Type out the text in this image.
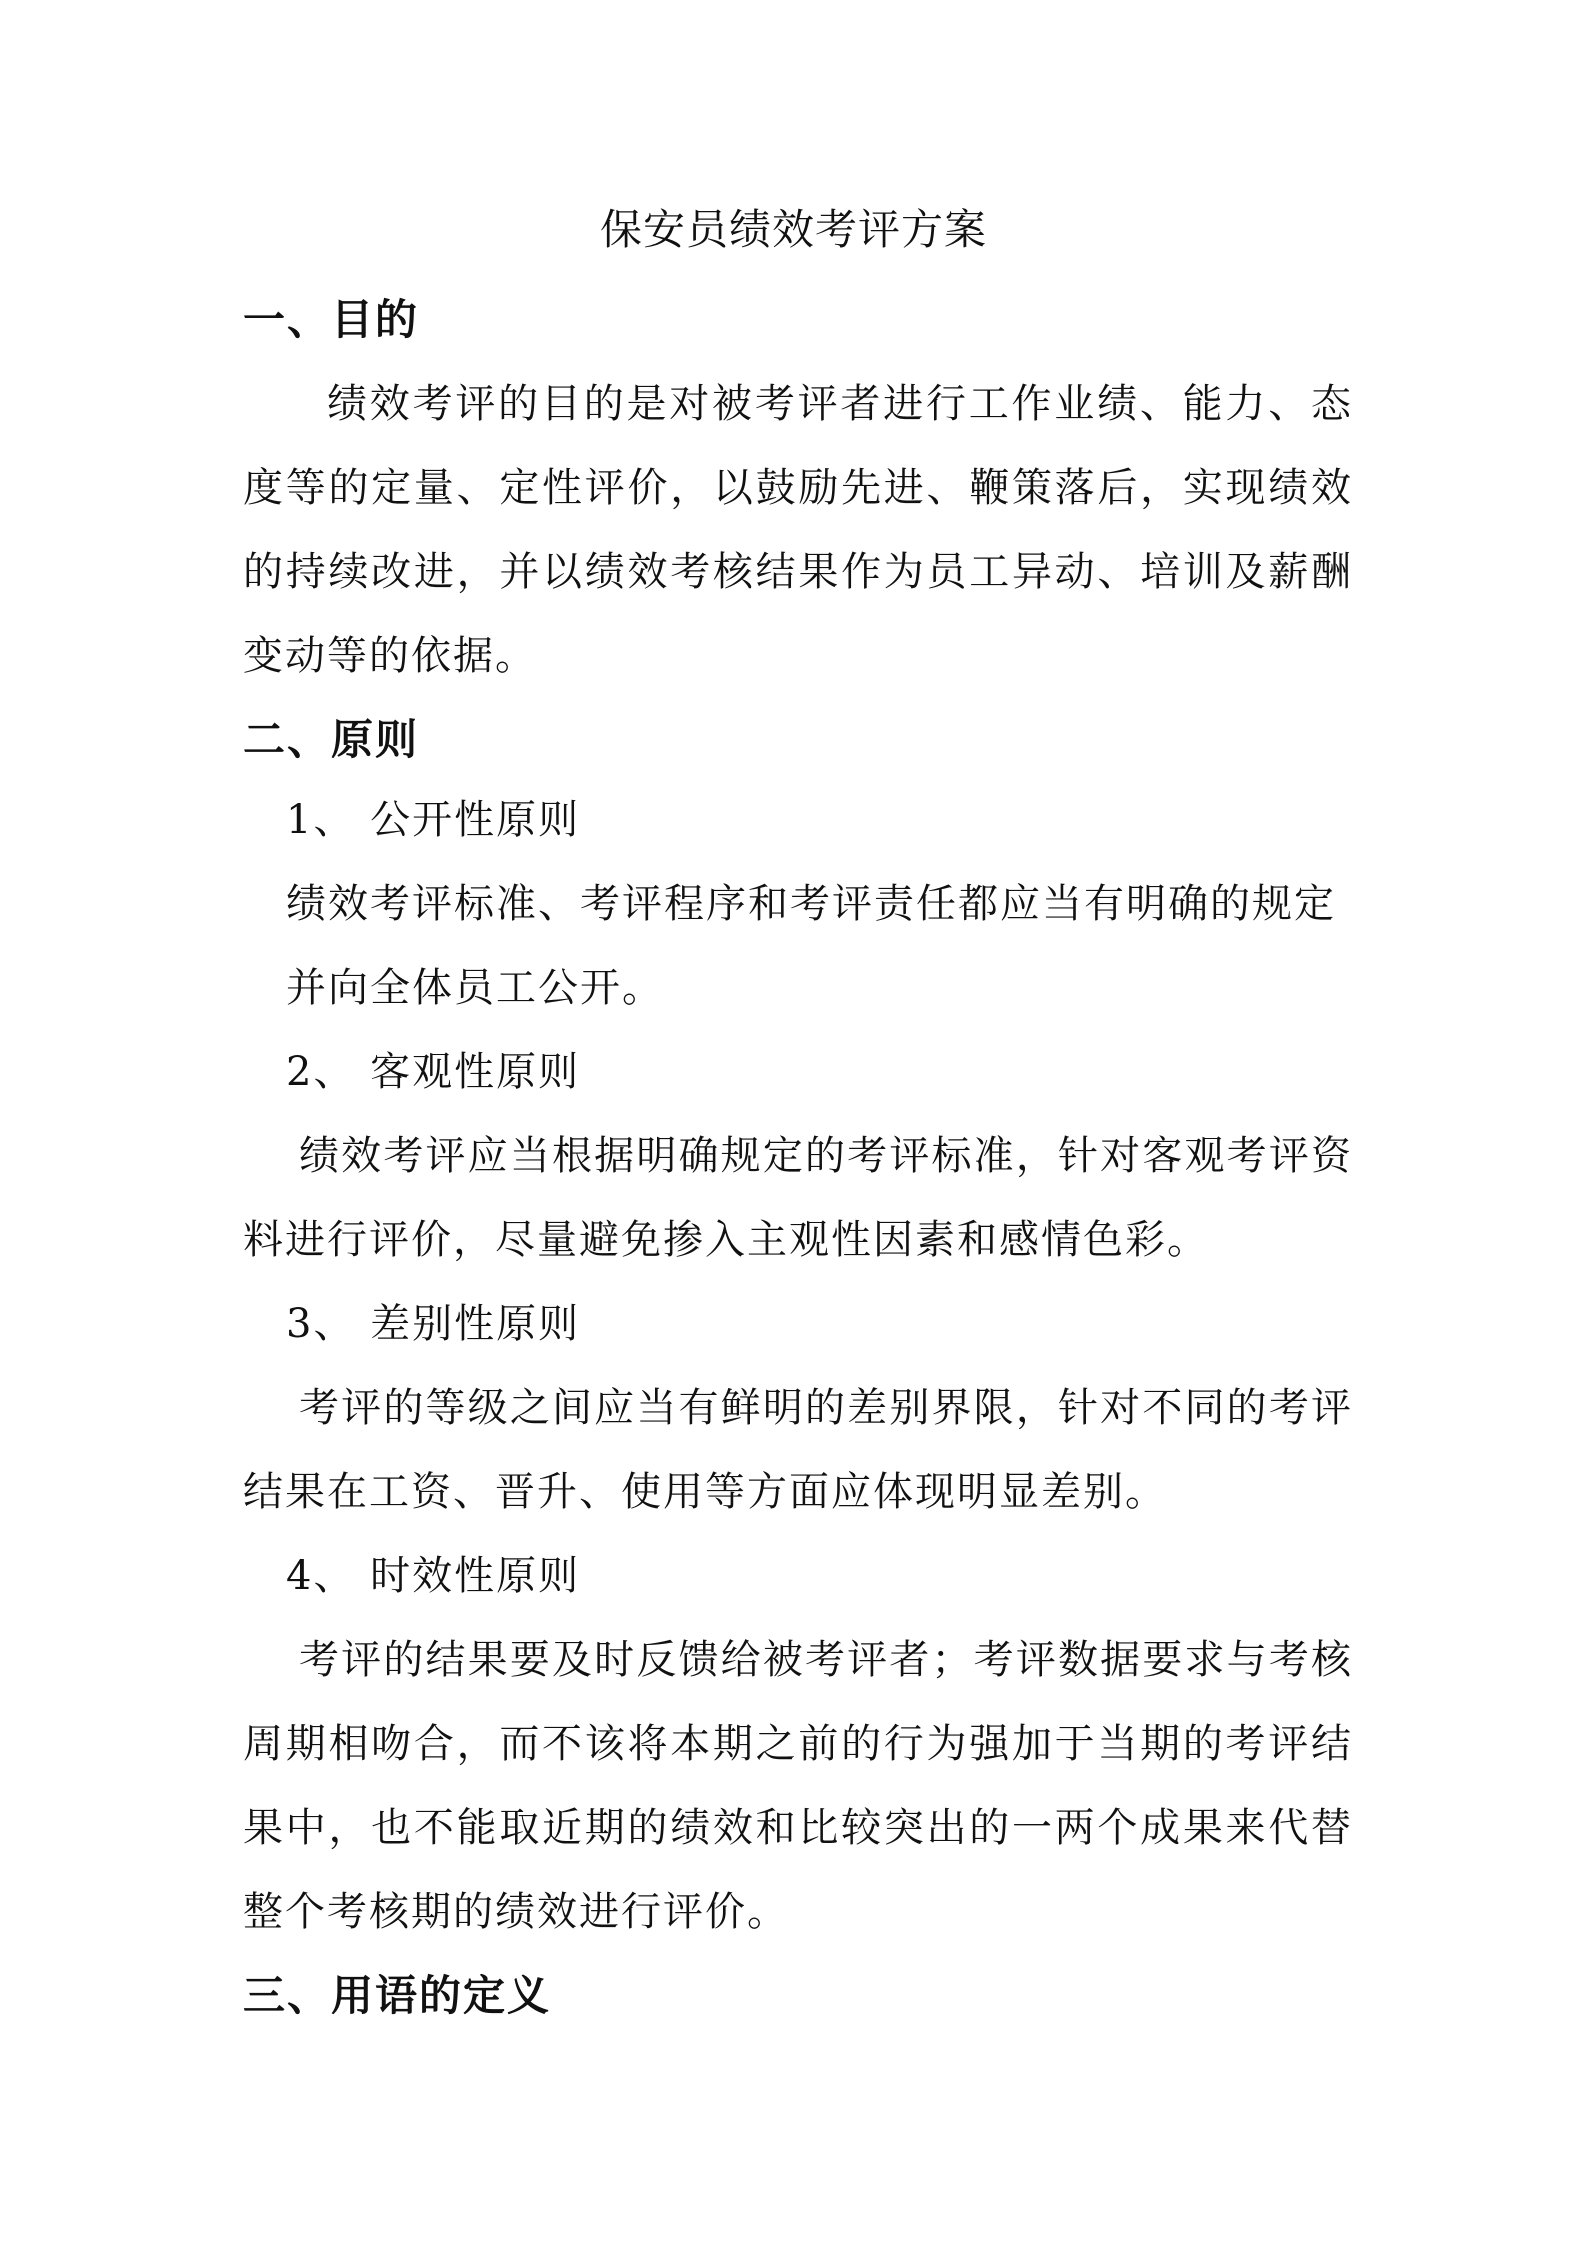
保安员绩效考评方案
一、目的
绩效考评的目的是对被考评者进行工作业绩、能力、态度等的定量、定性评价，以鼓励先进、鞭策落后，实现绩效的持续改进，并以绩效考核结果作为员工异动、培训及薪酬变动等的依据。
二、原则
1、 公开性原则
绩效考评标准、考评程序和考评责任都应当有明确的规定并向全体员工公开。
2、 客观性原则
绩效考评应当根据明确规定的考评标准，针对客观考评资料进行评价，尽量避免掺入主观性因素和感情色彩。
3、 差别性原则
考评的等级之间应当有鲜明的差别界限，针对不同的考评结果在工资、晋升、使用等方面应体现明显差别。
4、 时效性原则
考评的结果要及时反馈给被考评者；考评数据要求与考核周期相吻合，而不该将本期之前的行为强加于当期的考评结果中，也不能取近期的绩效和比较突出的一两个成果来代替整个考核期的绩效进行评价。
三、用语的定义
